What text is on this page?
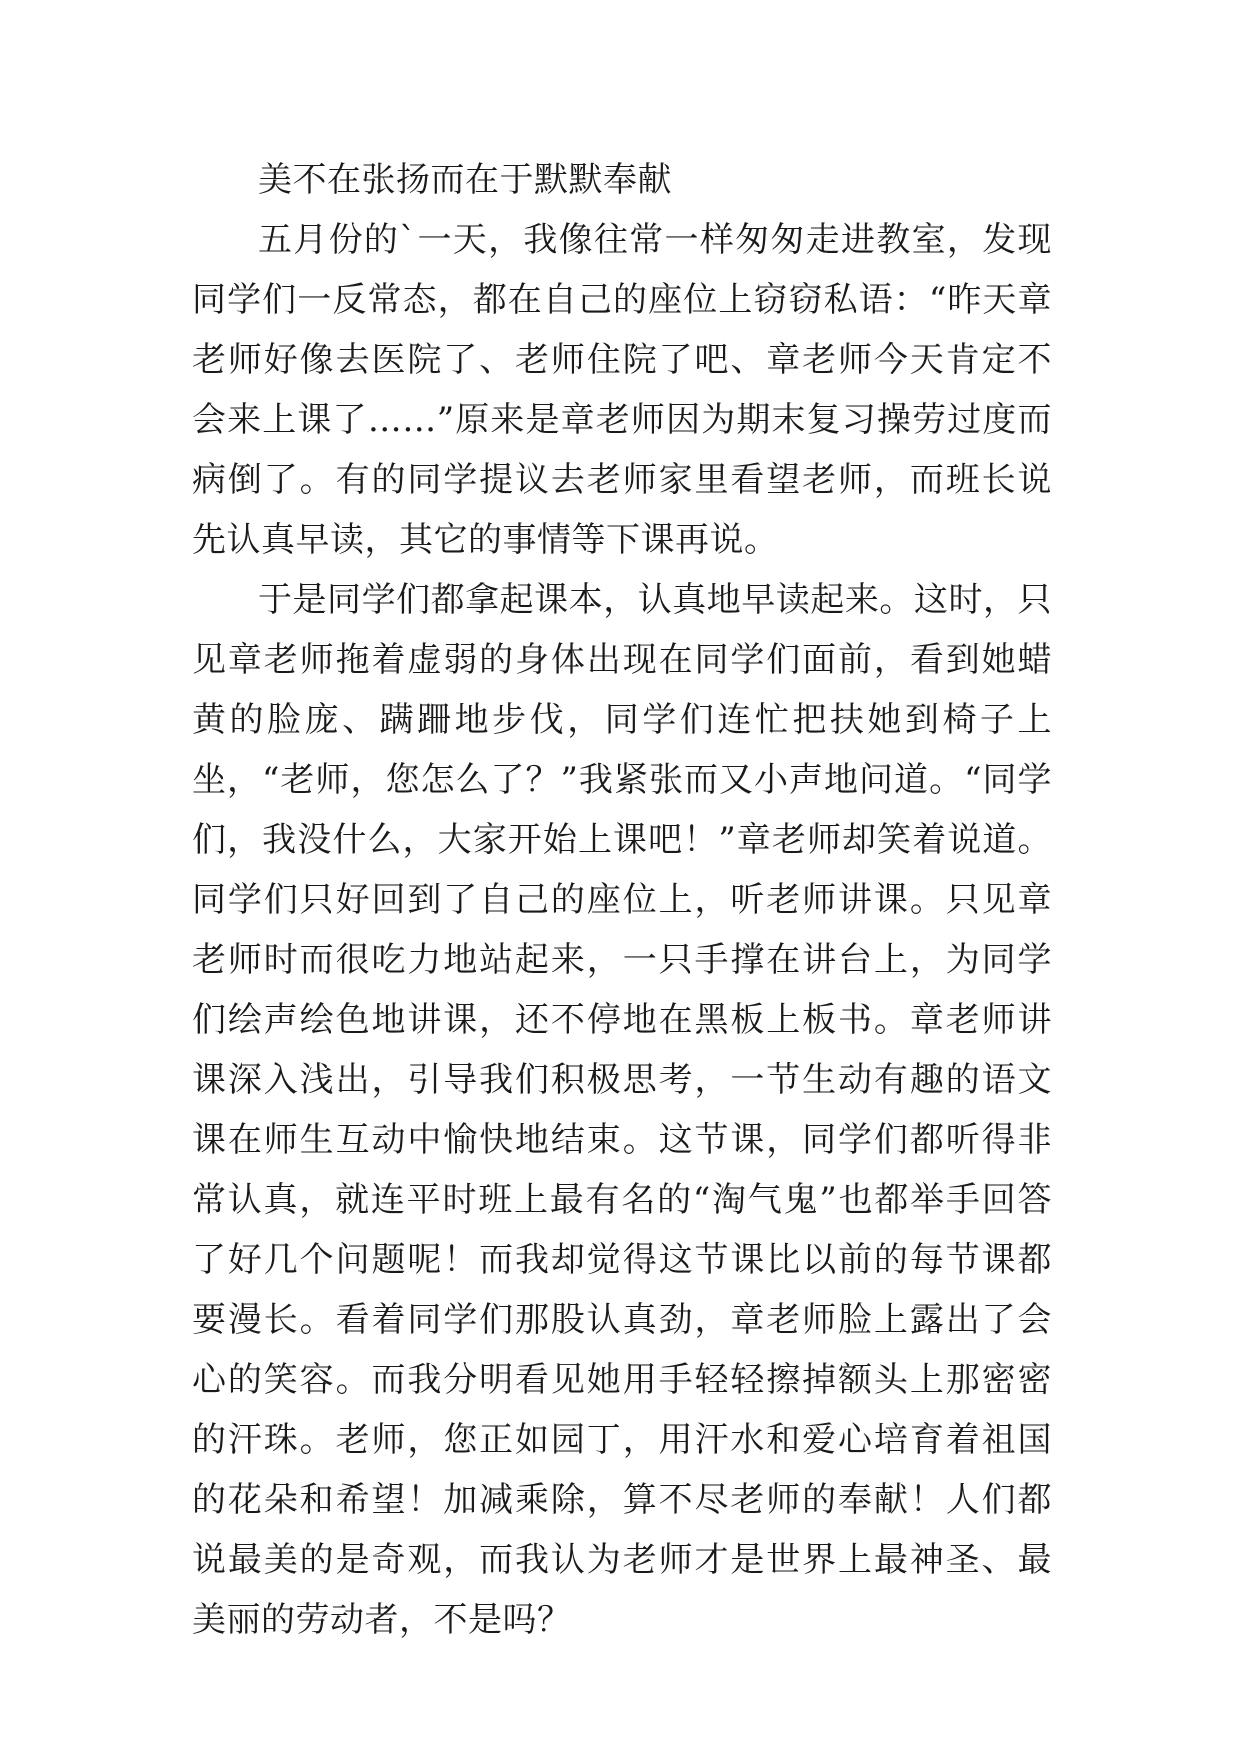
美不在张扬而在于默默奉献

五月份的`一天，我像往常一样匆匆走进教室，发现同学们一反常态，都在自己的座位上窃窃私语：“昨天章老师好像去医院了、老师住院了吧、章老师今天肯定不会来上课了……”原来是章老师因为期末复习操劳过度而病倒了。有的同学提议去老师家里看望老师，而班长说先认真早读，其它的事情等下课再说。

于是同学们都拿起课本，认真地早读起来。这时，只见章老师拖着虚弱的身体出现在同学们面前，看到她蜡黄的脸庞、蹒跚地步伐，同学们连忙把扶她到椅子上坐，“老师，您怎么了？”我紧张而又小声地问道。“同学们，我没什么，大家开始上课吧！”章老师却笑着说道。同学们只好回到了自己的座位上，听老师讲课。只见章老师时而很吃力地站起来，一只手撑在讲台上，为同学们绘声绘色地讲课，还不停地在黑板上板书。章老师讲课深入浅出，引导我们积极思考，一节生动有趣的语文课在师生互动中愉快地结束。这节课，同学们都听得非常认真，就连平时班上最有名的“淘气鬼”也都举手回答了好几个问题呢！而我却觉得这节课比以前的每节课都要漫长。看着同学们那股认真劲，章老师脸上露出了会心的笑容。而我分明看见她用手轻轻擦掉额头上那密密的汗珠。老师，您正如园丁，用汗水和爱心培育着祖国的花朵和希望！加减乘除，算不尽老师的奉献！人们都说最美的是奇观，而我认为老师才是世界上最神圣、最美丽的劳动者，不是吗？
